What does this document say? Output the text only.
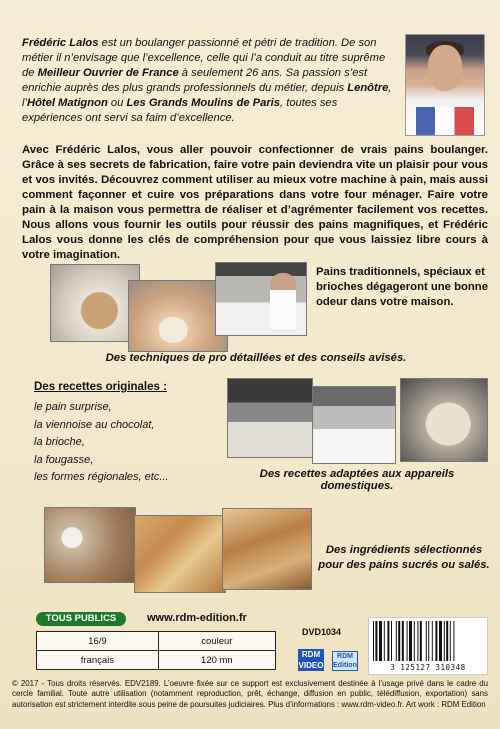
Frédéric Lalos est un boulanger passionné et pétri de tradition. De son métier il n’envisage que l’excellence, celle qui l’a conduit au titre suprême de Meilleur Ouvrier de France à seulement 26 ans. Sa passion s’est enrichie auprès des plus grands professionnels du métier, depuis Lenôtre, l’Hôtel Matignon ou Les Grands Moulins de Paris, toutes ses expériences ont servi sa faim d’excellence.
Avec Frédéric Lalos, vous aller pouvoir confectionner de vrais pains boulanger. Grâce à ses secrets de fabrication, faire votre pain deviendra vite un plaisir pour vous et vos invités. Découvrez comment utiliser au mieux votre machine à pain, mais aussi comment façonner et cuire vos préparations dans votre four ménager. Faire votre pain à la maison vous permettra de réaliser et d’agrémenter facilement vos recettes. Nous allons vous fournir les outils pour réussir des pains magnifiques, et Frédéric Lalos vous donne les clés de compréhension pour que vous laissiez libre cours à votre imagination.
Pains traditionnels, spéciaux et brioches dégageront une bonne odeur dans votre maison.
Des techniques de pro détaillées et des conseils avisés.
Des recettes originales :
le pain surprise,
la viennoise au chocolat,
la brioche,
la fougasse,
les formes régionales, etc...	Des recettes adaptées aux appareils domestiques.
Des ingrédients sélectionnés pour des pains sucrés ou salés.
TOUS PUBLICS	www.rdm-edition.fr
16/9	couleur
français	120 mn
DVD1034
RDM
VIDEO
RDM
Edition	3 125127 310348
© 2017 - Tous droits réservés. EDV2189. L’oeuvre fixée sur ce support est exclusivement destinée à l’usage privé dans le cadre du cercle familial. Toute autre utilisation (notamment reproduction, prêt, échange, diffusion en public, télédiffusion, exportation) sans autorisation est strictement interdite sous peine de poursuites judiciaires. Plus d’informations : www.rdm-video.fr. Art work : RDM Edition
